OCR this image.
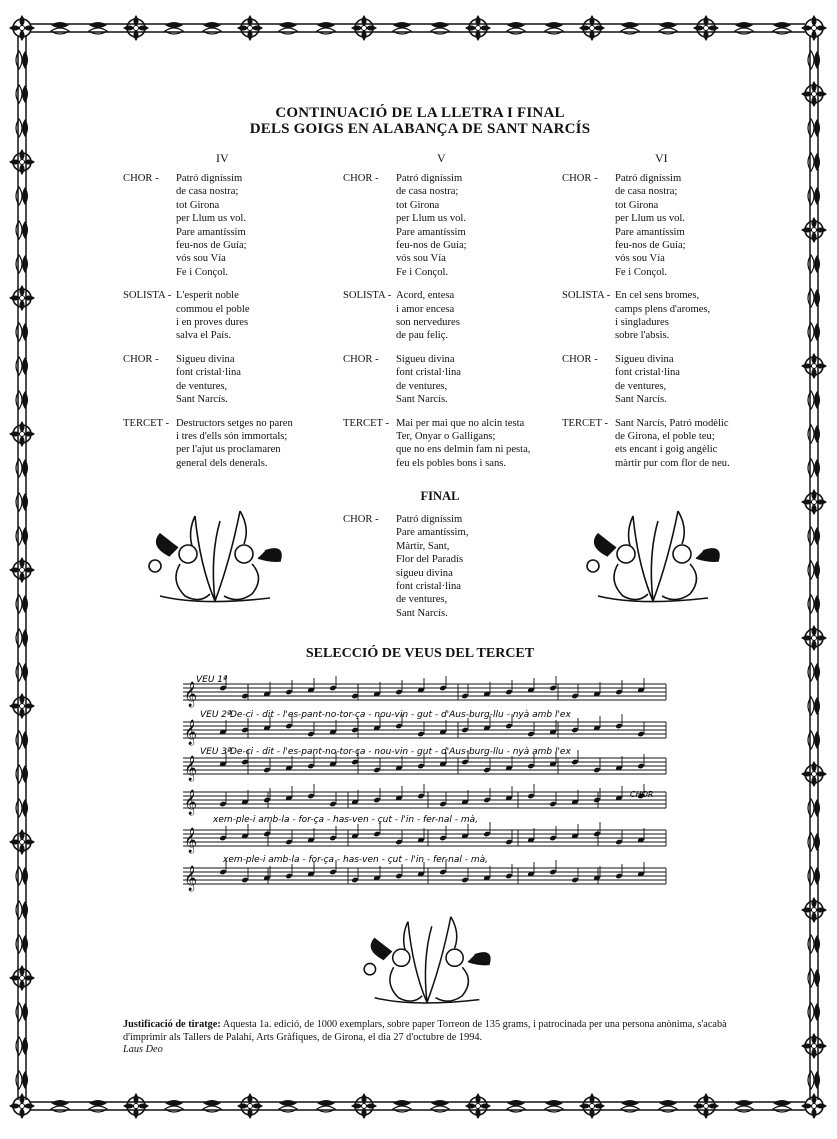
CONTINUACIÓ DE LA LLETRA I FINAL
DELS GOIGS EN ALABANÇA DE SANT NARCÍS
IV	V	VI
CHOR - Patró digníssim
de casa nostra;
tot Girona
per Llum us vol.
Pare amantíssim
feu-nos de Guía;
vós sou Vía
Fe i Conçol.
SOLISTA - L'esperit noble
commou el poble
i en proves dures
salva el País.
CHOR - Sigueu divina
font cristal·lina
de ventures,
Sant Narcís.
TERCET - Destructors setges no paren
i tres d'ells són immortals;
per l'ajut us proclamaren
general dels denerals.
CHOR - Patró digníssim
de casa nostra;
tot Girona
per Llum us vol.
Pare amantíssim
feu-nos de Guía;
vós sou Vía
Fe i Conçol.
SOLISTA - Acord, entesa
i amor encesa
son nervedures
de pau feliç.
CHOR - Sigueu divina
font cristal·lina
de ventures,
Sant Narcís.
TERCET - Mai per mai que no alcin testa
Ter, Onyar o Galligans;
que no ens delmin fam ni pesta,
feu els pobles bons i sans.
CHOR - Patró digníssim
de casa nostra;
tot Girona
per Llum us vol.
Pare amantíssim
feu-nos de Guía;
vós sou Vía
Fe i Conçol.
SOLISTA - En cel sens bromes,
camps plens d'aromes,
i singladures
sobre l'absis.
CHOR - Sigueu divina
font cristal·lina
de ventures,
Sant Narcís.
TERCET - Sant Narcís, Patró modèlic
de Girona, el poble teu;
ets encant i goig angèlic
màrtir pur com flor de neu.
FINAL
CHOR - Patró digníssim
Pare amantíssim,
Màrtir, Sant,
Flor del Paradís
sigueu divina
font cristal·lina
de ventures,
Sant Narcís.
SELECCIÓ DE VEUS DEL TERCET
𝄞
𝄞
𝄞
𝄞
𝄞
𝄞
VEU 1ª
VEU 2ª
VEU 3ª
De-ci - dit - l'es-pant-no-tor-ça - nou-vin - gut - d'Aus-burg-llu - nyà amb l'ex
De-ci - dit - l'es-pant-no-tor-ça - nou-vin - gut - d'Aus-burg-llu - nyà amb l'ex
xem-ple-i amb-la - for-ça - has-ven - çut - l'in - fer-nal - mà,
xem-ple-i amb-la - for-ça - has-ven - çut - l'in - fer-nal - mà,
CHOR
Justificació de tiratge: Aquesta 1a. edició, de 1000 exemplars, sobre paper Torreon de 135 grams, i patrocinada per una persona anònima, s'acabà d'imprimir als Tallers de Palahí, Arts Gràfiques, de Girona, el dia 27 d'octubre de 1994.
Laus Deo
